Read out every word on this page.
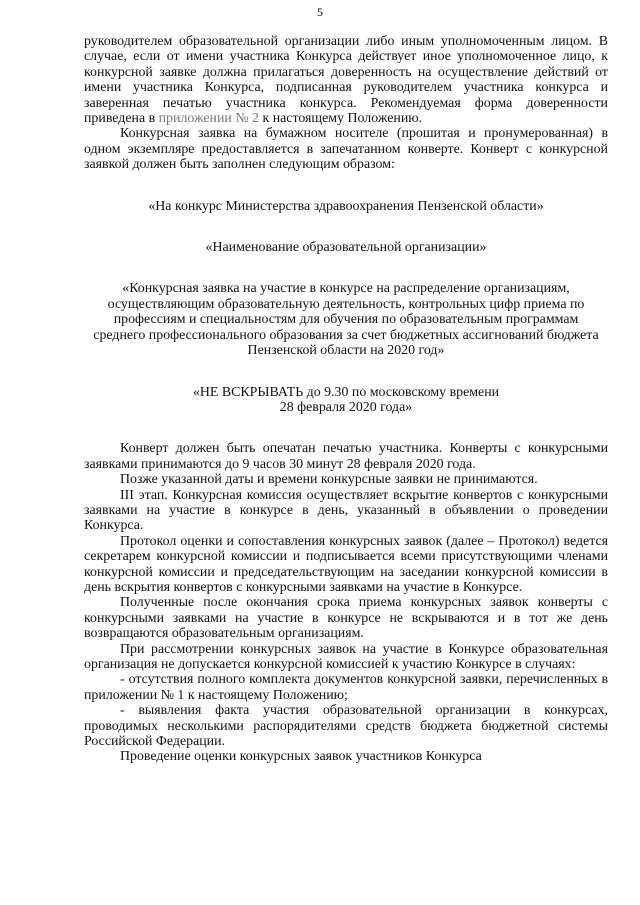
5

руководителем образовательной организации либо иным уполномоченным лицом. В случае, если от имени участника Конкурса действует иное уполномоченное лицо, к конкурсной заявке должна прилагаться доверенность на осуществление действий от имени участника Конкурса, подписанная руководителем участника конкурса и заверенная печатью участника конкурса. Рекомендуемая форма доверенности приведена в приложении № 2 к настоящему Положению.

Конкурсная заявка на бумажном носителе (прошитая и пронумерованная) в одном экземпляре предоставляется в запечатанном конверте. Конверт с конкурсной заявкой должен быть заполнен следующим образом:

«На конкурс Министерства здравоохранения Пензенской области»

«Наименование образовательной организации»

«Конкурсная заявка на участие в конкурсе на распределение организациям, осуществляющим образовательную деятельность, контрольных цифр приема по профессиям и специальностям для обучения по образовательным программам среднего профессионального образования за счет бюджетных ассигнований бюджета Пензенской области на 2020 год»

«НЕ ВСКРЫВАТЬ до 9.30 по московскому времени

28 февраля 2020 года»

Конверт должен быть опечатан печатью участника. Конверты с конкурсными заявками принимаются до 9 часов 30 минут 28 февраля 2020 года.

Позже указанной даты и времени конкурсные заявки не принимаются.

III этап. Конкурсная комиссия осуществляет вскрытие конвертов с конкурсными заявками на участие в конкурсе в день, указанный в объявлении о проведении Конкурса.

Протокол оценки и сопоставления конкурсных заявок (далее – Протокол) ведется секретарем конкурсной комиссии и подписывается всеми присутствующими членами конкурсной комиссии и председательствующим на заседании конкурсной комиссии в день вскрытия конвертов с конкурсными заявками на участие в Конкурсе.

Полученные после окончания срока приема конкурсных заявок конверты с конкурсными заявками на участие в конкурсе не вскрываются и в тот же день возвращаются образовательным организациям.

При рассмотрении конкурсных заявок на участие в Конкурсе образовательная организация не допускается конкурсной комиссией к участию Конкурсе в случаях:

- отсутствия полного комплекта документов конкурсной заявки, перечисленных в приложении № 1 к настоящему Положению;

- выявления факта участия образовательной организации в конкурсах, проводимых несколькими распорядителями средств бюджета бюджетной системы Российской Федерации.

Проведение оценки конкурсных заявок участников Конкурса
